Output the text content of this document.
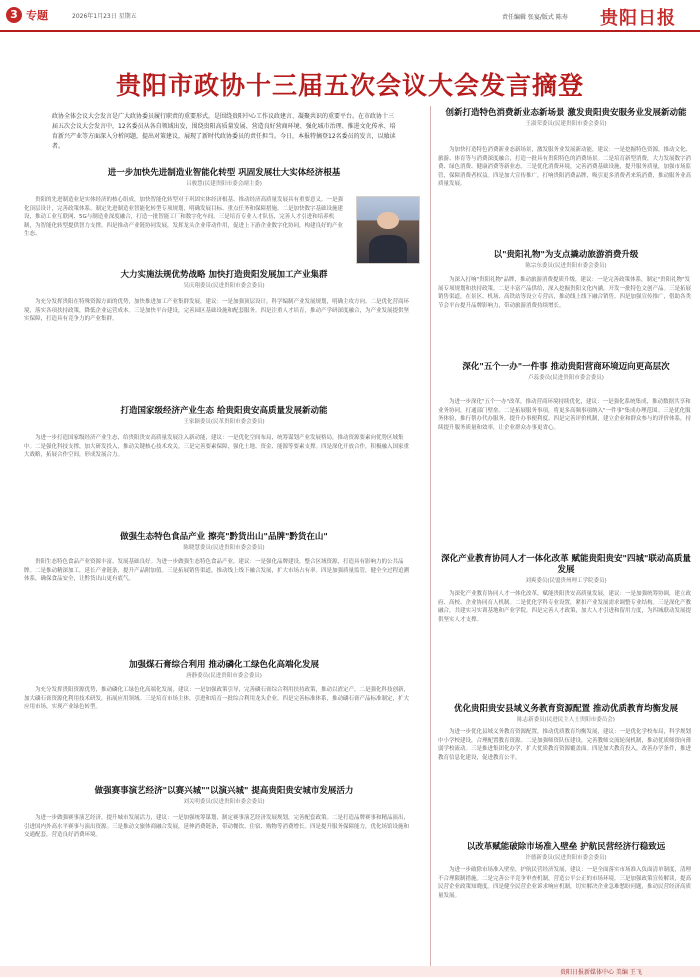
3 专题	2026年1月23日 星期五	责任编辑 张宴/版式 陈寿 贵阳日报
贵阳市政协十三届五次会议大会发言摘登
政协全体会议大会发言是广大政协委员履行职责的重要形式，是围绕贵阳中心工作议政建言、凝聚共识的重要平台。在市政协十三届五次会议大会发言中，12名委员从各自领域出发，围绕贵阳高质量发展、营造良好营商环境、强化城市治理、推进文化传承、培育新兴产业等方面深入分析问题，提出对策建议，展现了新时代政协委员的责任担当。今日，本报特摘登12名委员的发言，以飨读者。
进一步加快先进制造业智能化转型 巩固发展壮大实体经济根基
吕骏慧(民建贵阳市委会副主委)

贵阳的先进制造业是实体经济的核心组成，加快智能化转型对于巩固实体经济根基、推动经济高质量发展具有重要意义。一是强化顶层设计，完善政策体系。制定先进制造业智能化转型专项规划，明确发展目标、重点任务和保障措施。二是加快数字基础设施建设，推动工业互联网、5G与制造业深度融合，打造一批智能工厂和数字化车间。三是培育专业人才队伍，完善人才引进和培养机制，为智能化转型提供智力支撑。四是推动产业链协同发展，发挥龙头企业带动作用，促进上下游企业数字化协同，构建良好的产业生态。

大力实施法规优势战略 加快打造贵阳发展加工产业集群
吴庆翔委员(民进贵阳市委会委员)

为充分发挥贵阳在特殊资源方面的优势，加快推进加工产业集群发展，建议：一是加强顶层设计，科学编制产业发展规划，明确主攻方向。二是优化营商环境，落实各项扶持政策，降低企业运营成本。三是加快平台建设，完善园区基础设施和配套服务。四是注重人才培育，推动产学研深度融合，为产业发展提供坚实保障，打造具有竞争力的产业集群。

打造国家级经济产业生态 给贵阳贵安高质量发展新动能
王家颖委员(民革贵阳市委会委员)

为进一步打造国家级经济产业生态，给贵阳贵安高质量发展注入新动能，建议：一是优化空间布局，统筹谋划产业发展格局，推动资源要素向优势区域集中。二是强化科技支撑，加大研发投入，推动关键核心技术攻关。三是完善要素保障，强化土地、资金、能源等要素支撑。四是深化开放合作，积极融入国家重大战略，拓展合作空间，形成发展合力。

做强生态特色食品产业 擦亮"黔货出山"品牌"黔货在山"
陈晓慧委员(民进贵阳市委会委员)

贵阳生态特色食品产业资源丰富、发展基础良好。为进一步做强生态特色食品产业，建议：一是强化品牌建设，整合区域资源，打造具有影响力的公共品牌。二是推动精深加工，延长产业链条，提升产品附加值。三是拓展销售渠道，推动线上线下融合发展，扩大市场占有率。四是加强质量监管，健全全过程追溯体系，确保食品安全，让黔货出山更有底气。

加强煤石膏综合利用 推动磷化工绿色化高端化发展
唐静委员(民进贵阳市委会委员)

为充分发挥贵阳资源优势，推动磷化工绿色化高端化发展，建议：一是加强政策引导，完善磷石膏综合利用扶持政策，推动以渣定产。二是强化科技创新，加大磷石膏资源化利用技术研发，拓展应用领域。三是培育市场主体，引进和培育一批综合利用龙头企业。四是完善标准体系，推动磷石膏产品标准制定，扩大应用市场，实现产业绿色转型。

做强赛事演艺经济"以赛兴城""以演兴城" 提高贵阳贵安城市发展活力
刘关明委员(民进贵阳市委会委员)

为进一步做强赛事演艺经济，提升城市发展活力，建议：一是加强统筹谋划，制定赛事演艺经济发展规划，完善配套政策。二是打造品牌赛事和精品演出，引进国内外高水平赛事与演出资源。三是推动文旅体商融合发展，延伸消费链条，带动餐饮、住宿、购物等消费增长。四是提升服务保障能力，优化场馆设施和交通配套，营造良好消费环境。

创新打造特色消费新业态新场景 激发贵阳贵安服务业发展新动能
王淑荣委员(民建贵阳市委会委员)

为加快打造特色消费新业态新场景，激发服务业发展新动能，建议：一是挖掘特色资源，推动文化、旅游、体育等与消费深度融合，打造一批具有贵阳特色的消费场景。二是培育新型消费，大力发展数字消费、绿色消费、健康消费等新业态。三是优化消费环境，完善消费基础设施，提升服务质量，加强市场监管，保障消费者权益。四是加大宣传推广，打响贵阳消费品牌，吸引更多消费者来筑消费，推动服务业高质量发展。

以"贵阳礼物"为支点撬动旅游消费升级
陈宗东委员(民进贵阳市委会委员)

为深入打响"贵阳礼物"品牌，推动旅游消费提质升级，建议：一是完善政策体系，制定"贵阳礼物"发展专项规划和扶持政策。二是丰富产品供给，深入挖掘贵阳文化内涵，开发一批特色文创产品。三是拓展销售渠道，在景区、机场、高铁站等设立专营店，推动线上线下融合销售。四是加强宣传推广，借助各类节会平台提升品牌影响力，带动旅游消费持续增长。

深化"五个一办"一件事 推动贵阳营商环境迈向更高层次
卢蕊委员(民进贵阳市委会委员)

为进一步深化"五个一办"改革，推动营商环境持续优化，建议：一是强化系统集成，推动数据共享和业务协同，打通部门壁垒。二是拓展服务事项，将更多高频事项纳入"一件事"集成办理范围。三是优化服务体验，推行帮办代办服务，提升办事便利度。四是完善评价机制，建立企业和群众参与的评价体系，持续提升服务质量和效率，让企业群众办事更省心。

深化产业教育协同人才一体化改革 赋能贵阳贵安"四城"联动高质量发展
刘爽委员(民盟贵州理工学院委员)

为深化产业教育协同人才一体化改革，赋能贵阳贵安高质量发展，建议：一是加强统筹协调，建立政府、高校、企业协同育人机制。二是优化学科专业设置，紧扣产业发展需求调整专业结构。三是深化产教融合，共建实习实训基地和产业学院。四是完善人才政策，加大人才引进和留用力度，为四城联动发展提供坚实人才支撑。

优化贵阳贵安县域义务教育资源配置 推动优质教育均衡发展
陈志新委员(民进民主人士贵阳市委员会)

为进一步优化县域义务教育资源配置，推动优质教育均衡发展，建议：一是优化学校布局，科学规划中小学校建设，合理配置教育资源。二是加强师资队伍建设，完善教师交流轮岗机制，推动优质师资向薄弱学校流动。三是推进集团化办学，扩大优质教育资源覆盖面。四是加大教育投入，改善办学条件，推进教育信息化建设，促进教育公平。

以改革赋能破除市场准入壁垒 护航民营经济行稳致远
许德新委员(民进贵阳市委会委员)

为进一步破除市场准入壁垒，护航民营经济发展，建议：一是全面落实市场准入负面清单制度，清理不合理限制措施。二是完善公平竞争审查机制，营造公平公正的市场环境。三是加强政策宣传解读，提高民营企业政策知晓度。四是健全民营企业诉求响应机制，切实解决企业急难愁盼问题，推动民营经济高质量发展。

贵阳日报新媒体中心 美编 王飞
